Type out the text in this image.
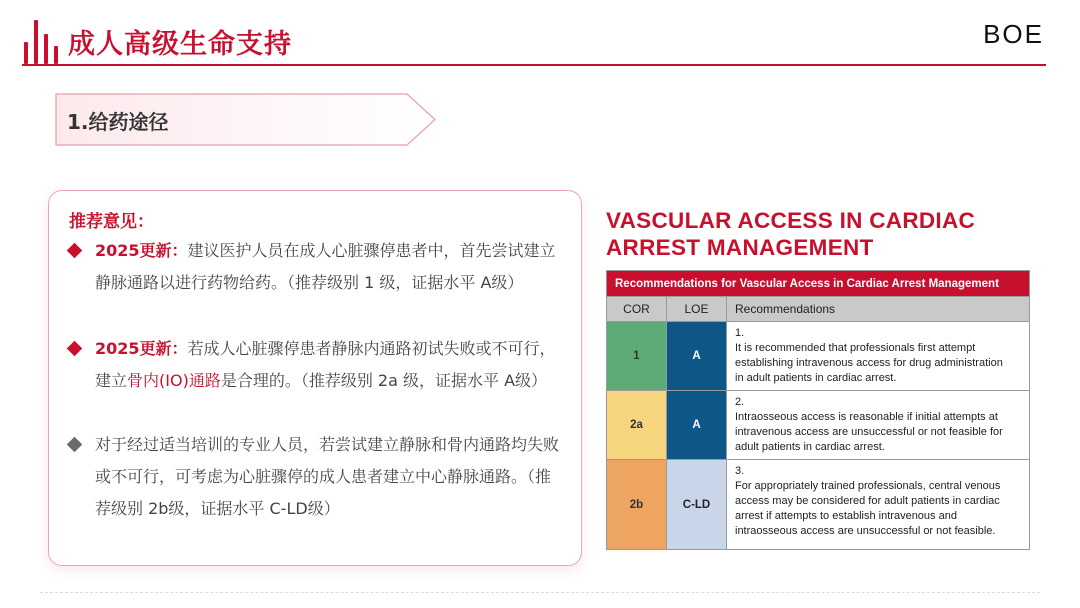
成人高级生命支持	BOE
1.给药途径
推荐意见：
2025更新：建议医护人员在成人心脏骤停患者中，首先尝试建立静脉通路以进行药物给药。（推荐级别 1 级，证据水平 A级）
2025更新：若成人心脏骤停患者静脉内通路初试失败或不可行，建立骨内(IO)通路是合理的。（推荐级别 2a 级，证据水平 A级）
对于经过适当培训的专业人员，若尝试建立静脉和骨内通路均失败或不可行，可考虑为心脏骤停的成人患者建立中心静脉通路。（推荐级别 2b级，证据水平 C-LD级）
VASCULAR ACCESS IN CARDIAC ARREST MANAGEMENT
Recommendations for Vascular Access in Cardiac Arrest Management		
COR	LOE	Recommendations
1	A	1.It is recommended that professionals first attempt establishing intravenous access for drug administration in adult patients in cardiac arrest.
2a	A	2.Intraosseous access is reasonable if initial attempts at intravenous access are unsuccessful or not feasible for adult patients in cardiac arrest.
2b	C-LD	3.For appropriately trained professionals, central venous access may be considered for adult patients in cardiac arrest if attempts to establish intravenous and intraosseous access are unsuccessful or not feasible.
